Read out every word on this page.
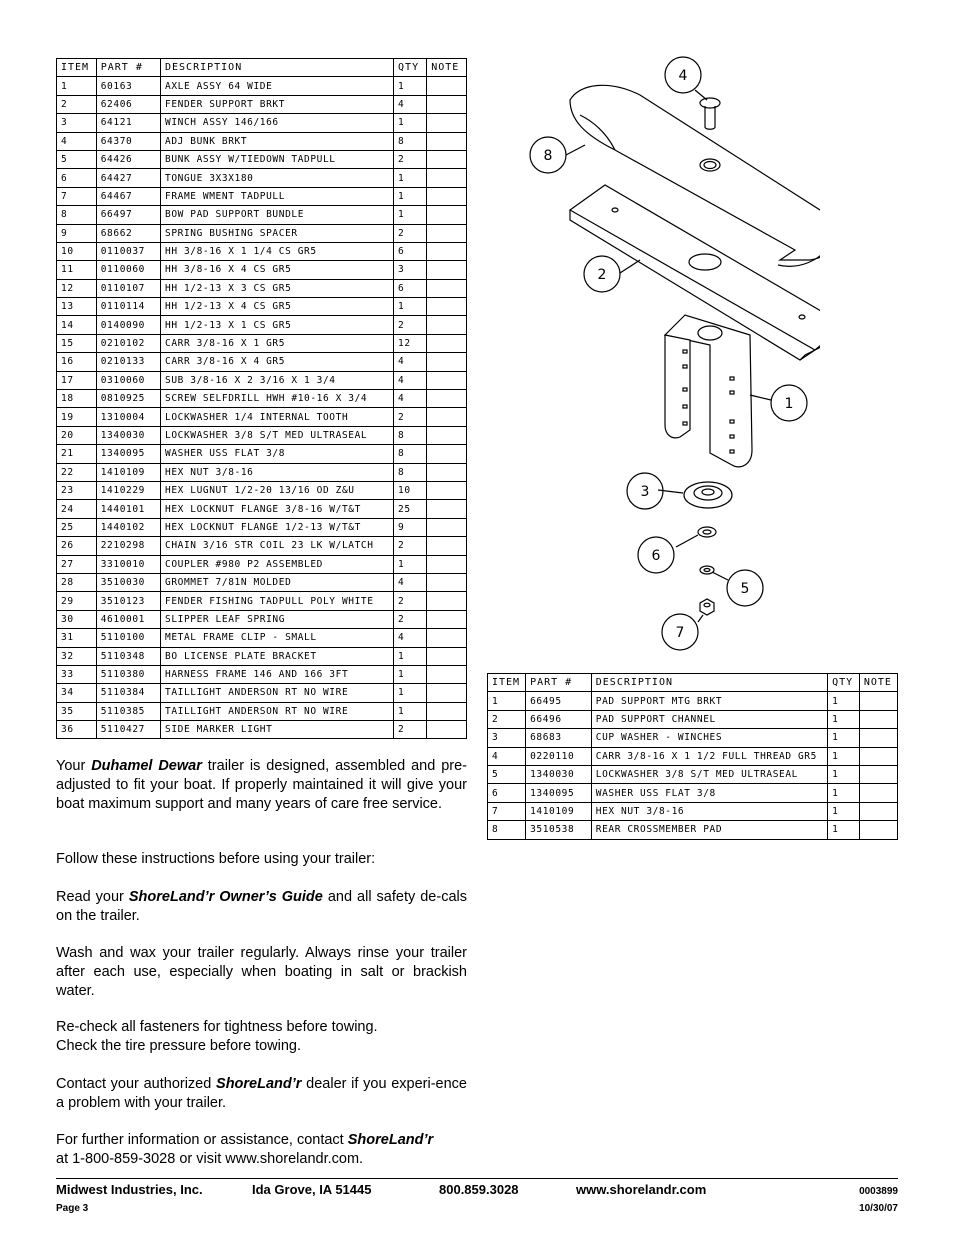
ITEM	PART #	DESCRIPTION	QTY	NOTE
1	60163	AXLE ASSY 64 WIDE	1	
2	62406	FENDER SUPPORT BRKT	4	
3	64121	WINCH ASSY 146/166	1	
4	64370	ADJ BUNK BRKT	8	
5	64426	BUNK ASSY W/TIEDOWN TADPULL	2	
6	64427	TONGUE 3X3X180	1	
7	64467	FRAME WMENT TADPULL	1	
8	66497	BOW PAD SUPPORT BUNDLE	1	
9	68662	SPRING BUSHING SPACER	2	
10	0110037	HH 3/8-16 X 1 1/4 CS GR5	6	
11	0110060	HH 3/8-16 X 4 CS GR5	3	
12	0110107	HH 1/2-13 X 3 CS GR5	6	
13	0110114	HH 1/2-13 X 4 CS GR5	1	
14	0140090	HH 1/2-13 X 1 CS GR5	2	
15	0210102	CARR 3/8-16 X 1 GR5	12	
16	0210133	CARR 3/8-16 X 4 GR5	4	
17	0310060	SUB 3/8-16 X 2 3/16 X 1 3/4	4	
18	0810925	SCREW SELFDRILL HWH #10-16 X 3/4	4	
19	1310004	LOCKWASHER 1/4 INTERNAL TOOTH	2	
20	1340030	LOCKWASHER 3/8 S/T MED ULTRASEAL	8	
21	1340095	WASHER USS FLAT 3/8	8	
22	1410109	HEX NUT 3/8-16	8	
23	1410229	HEX LUGNUT 1/2-20 13/16 OD Z&U	10	
24	1440101	HEX LOCKNUT FLANGE 3/8-16 W/T&T	25	
25	1440102	HEX LOCKNUT FLANGE 1/2-13 W/T&T	9	
26	2210298	CHAIN 3/16 STR COIL 23 LK W/LATCH	2	
27	3310010	COUPLER #980 P2 ASSEMBLED	1	
28	3510030	GROMMET 7/81N MOLDED	4	
29	3510123	FENDER FISHING TADPULL POLY WHITE	2	
30	4610001	SLIPPER LEAF SPRING	2	
31	5110100	METAL FRAME CLIP - SMALL	4	
32	5110348	BO LICENSE PLATE BRACKET	1	
33	5110380	HARNESS FRAME 146 AND 166 3FT	1	
34	5110384	TAILLIGHT ANDERSON RT NO WIRE	1	
35	5110385	TAILLIGHT ANDERSON RT NO WIRE	1	
36	5110427	SIDE MARKER LIGHT	2	
4
8
2
1
3
6
5
7
ITEM	PART #	DESCRIPTION	QTY	NOTE
1	66495	PAD SUPPORT MTG BRKT	1	
2	66496	PAD SUPPORT CHANNEL	1	
3	68683	CUP WASHER - WINCHES	1	
4	0220110	CARR 3/8-16 X 1 1/2 FULL THREAD GR5	1	
5	1340030	LOCKWASHER 3/8 S/T MED ULTRASEAL	1	
6	1340095	WASHER USS FLAT 3/8	1	
7	1410109	HEX NUT 3/8-16	1	
8	3510538	REAR CROSSMEMBER PAD	1	

Your Duhamel Dewar trailer is designed, assembled and pre-adjusted to fit your boat. If properly maintained it will give your boat maximum support and many years of care free service.

Follow these instructions before using your trailer:

Read your ShoreLand’r Owner’s Guide and all safety de-cals on the trailer.

Wash and wax your trailer regularly. Always rinse your trailer after each use, especially when boating in salt or brackish water.

Re-check all fasteners for tightness before towing.

Check the tire pressure before towing.

Contact your authorized ShoreLand’r dealer if you experi-ence a problem with your trailer.

For further information or assistance, contact ShoreLand’r
at 1-800-859-3028 or visit www.shorelandr.com.

Midwest Industries, Inc.	Ida Grove, IA 51445	800.859.3028	www.shorelandr.com
Page 3
0003899
10/30/07
